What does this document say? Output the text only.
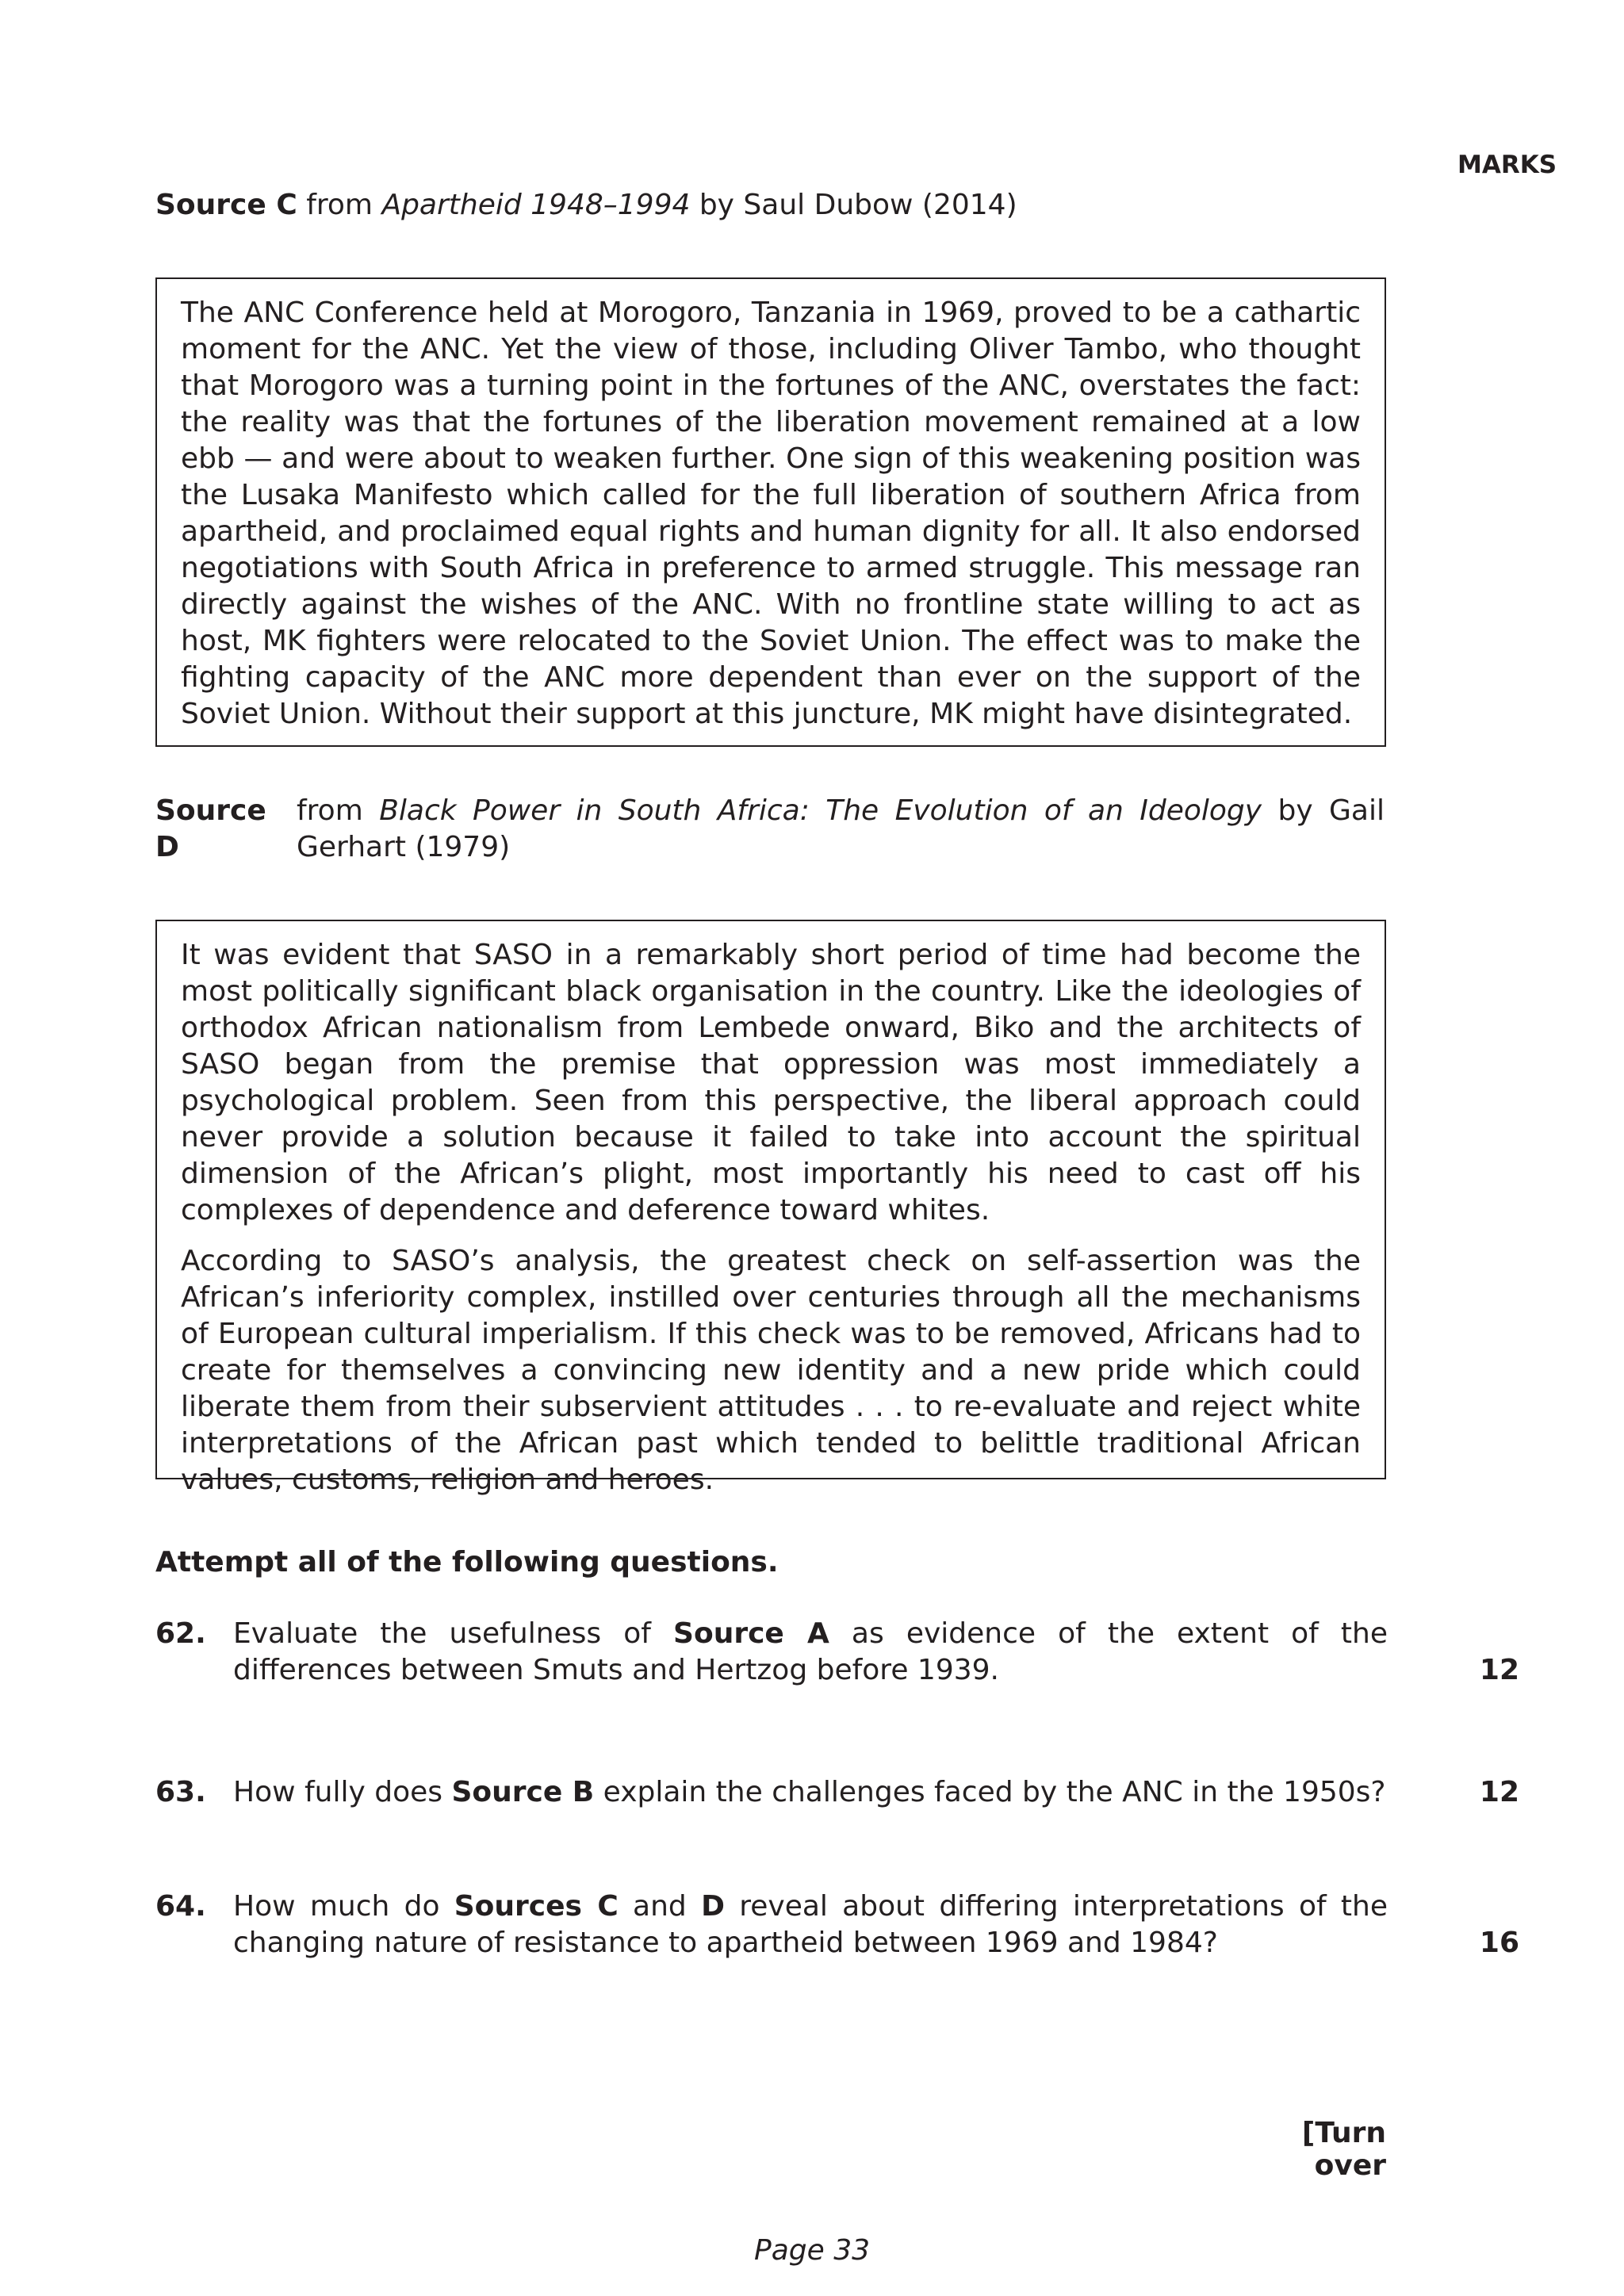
MARKS
Source C from Apartheid 1948–1994 by Saul Dubow (2014)

The ANC Conference held at Morogoro, Tanzania in 1969, proved to be a cathartic moment for the ANC. Yet the view of those, including Oliver Tambo, who thought that Morogoro was a turning point in the fortunes of the ANC, overstates the fact: the reality was that the fortunes of the liberation movement remained at a low ebb — and were about to weaken further. One sign of this weakening position was the Lusaka Manifesto which called for the full liberation of southern Africa from apartheid, and proclaimed equal rights and human dignity for all. It also endorsed negotiations with South Africa in preference to armed struggle. This message ran directly against the wishes of the ANC. With no frontline state willing to act as host, MK fighters were relocated to the Soviet Union. The effect was to make the fighting capacity of the ANC more dependent than ever on the support of the Soviet Union. Without their support at this juncture, MK might have disintegrated.

Source D
from Black Power in South Africa: The Evolution of an Ideology by Gail Gerhart (1979)

It was evident that SASO in a remarkably short period of time had become the most politically significant black organisation in the country. Like the ideologies of orthodox African nationalism from Lembede onward, Biko and the architects of SASO began from the premise that oppression was most immediately a psychological problem. Seen from this perspective, the liberal approach could never provide a solution because it failed to take into account the spiritual dimension of the African’s plight, most importantly his need to cast off his complexes of dependence and deference toward whites.

According to SASO’s analysis, the greatest check on self-assertion was the African’s inferiority complex, instilled over centuries through all the mechanisms of European cultural imperialism. If this check was to be removed, Africans had to create for themselves a convincing new identity and a new pride which could liberate them from their subservient attitudes . . . to re-evaluate and reject white interpretations of the African past which tended to belittle traditional African values, customs, religion and heroes.

Attempt all of the following questions.
62. Evaluate the usefulness of Source A as evidence of the extent of the differences between Smuts and Hertzog before 1939.	12
63. How fully does Source B explain the challenges faced by the ANC in the 1950s?	12
64. How much do Sources C and D reveal about differing interpretations of the changing nature of resistance to apartheid between 1969 and 1984?	16
[Turn over
Page 33
